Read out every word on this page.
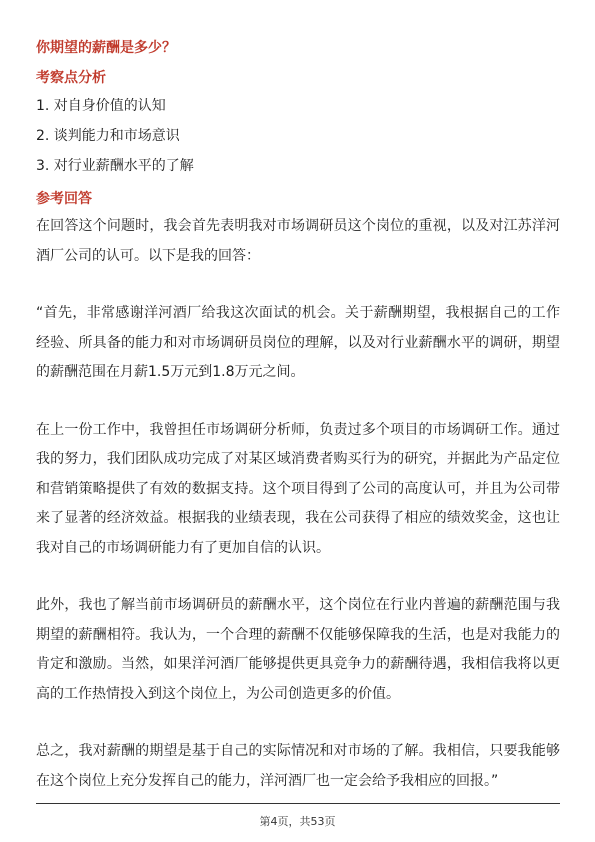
你期望的薪酬是多少？
考察点分析
1. 对自身价值的认知
2. 谈判能力和市场意识
3. 对行业薪酬水平的了解
参考回答

在回答这个问题时，我会首先表明我对市场调研员这个岗位的重视，以及对江苏洋河酒厂公司的认可。以下是我的回答：

“首先，非常感谢洋河酒厂给我这次面试的机会。关于薪酬期望，我根据自己的工作经验、所具备的能力和对市场调研员岗位的理解，以及对行业薪酬水平的调研，期望的薪酬范围在月薪1.5万元到1.8万元之间。

在上一份工作中，我曾担任市场调研分析师，负责过多个项目的市场调研工作。通过我的努力，我们团队成功完成了对某区域消费者购买行为的研究，并据此为产品定位和营销策略提供了有效的数据支持。这个项目得到了公司的高度认可，并且为公司带来了显著的经济效益。根据我的业绩表现，我在公司获得了相应的绩效奖金，这也让我对自己的市场调研能力有了更加自信的认识。

此外，我也了解当前市场调研员的薪酬水平，这个岗位在行业内普遍的薪酬范围与我期望的薪酬相符。我认为，一个合理的薪酬不仅能够保障我的生活，也是对我能力的肯定和激励。当然，如果洋河酒厂能够提供更具竞争力的薪酬待遇，我相信我将以更高的工作热情投入到这个岗位上，为公司创造更多的价值。

总之，我对薪酬的期望是基于自己的实际情况和对市场的了解。我相信，只要我能够在这个岗位上充分发挥自己的能力，洋河酒厂也一定会给予我相应的回报。”

第4页，共53页
